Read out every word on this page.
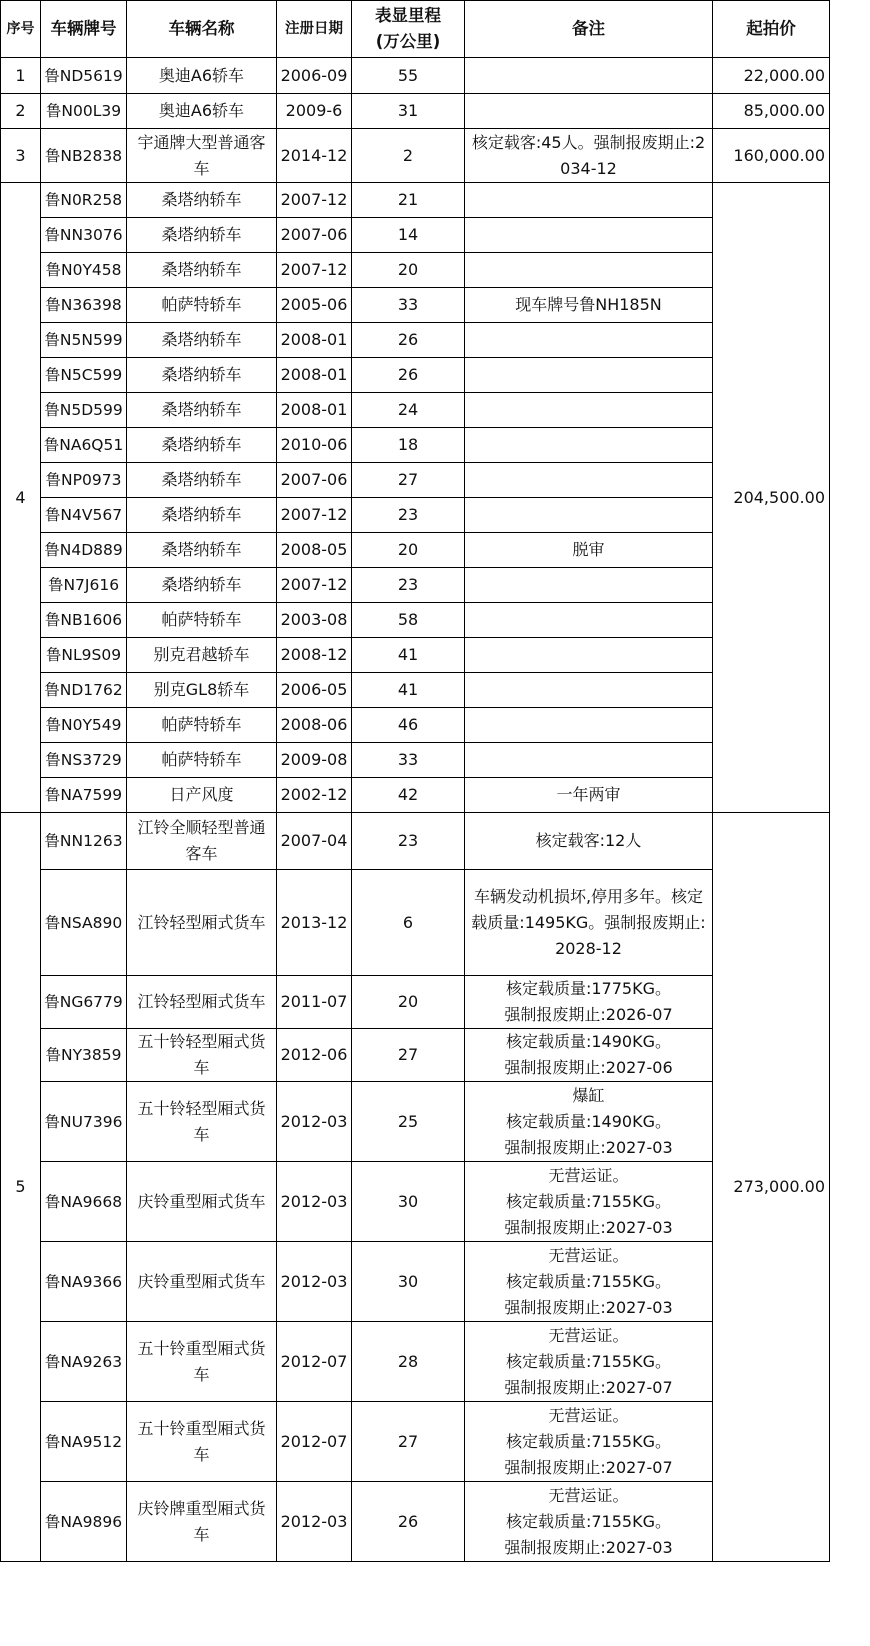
序号	车辆牌号	车辆名称	注册日期	表显里程
(万公里)	备注	起拍价
1	鲁ND5619	奥迪A6轿车	2006-09	55		22,000.00
2	鲁N00L39	奥迪A6轿车	2009-6	31		85,000.00
3	鲁NB2838	宇通牌大型普通客车	2014-12	2	核定载客:45人。强制报废期止:2034-12	160,000.00
4	鲁N0R258	桑塔纳轿车	2007-12	21		204,500.00
	鲁NN3076	桑塔纳轿车	2007-06	14		
	鲁N0Y458	桑塔纳轿车	2007-12	20		
	鲁N36398	帕萨特轿车	2005-06	33	现车牌号鲁NH185N	

	鲁N5N599	桑塔纳轿车	2008-01	26		
	鲁N5C599	桑塔纳轿车	2008-01	26		
	鲁N5D599	桑塔纳轿车	2008-01	24		
	鲁NA6Q51	桑塔纳轿车	2010-06	18		
	鲁NP0973	桑塔纳轿车	2007-06	27		
	鲁N4V567	桑塔纳轿车	2007-12	23		
	鲁N4D889	桑塔纳轿车	2008-05	20	脱审	

	鲁N7J616	桑塔纳轿车	2007-12	23		
	鲁NB1606	帕萨特轿车	2003-08	58		
	鲁NL9S09	别克君越轿车	2008-12	41		
	鲁ND1762	别克GL8轿车	2006-05	41		
	鲁N0Y549	帕萨特轿车	2008-06	46		
	鲁NS3729	帕萨特轿车	2009-08	33		
	鲁NA7599	日产风度	2002-12	42	一年两审	

5	鲁NN1263	江铃全顺轻型普通客车	2007-04	23	核定载客:12人	273,000.00
	鲁NSA890	江铃轻型厢式货车	2013-12	6	车辆发动机损坏,停用多年。核定载质量:1495KG。强制报废期止:2028-12	

	鲁NG6779	江铃轻型厢式货车	2011-07	20	核定载质量:1775KG。
强制报废期止:2026-07	

	鲁NY3859	五十铃轻型厢式货车	2012-06	27	核定载质量:1490KG。
强制报废期止:2027-06	

	鲁NU7396	五十铃轻型厢式货车	2012-03	25	爆缸
核定载质量:1490KG。
强制报废期止:2027-03	

	鲁NA9668	庆铃重型厢式货车	2012-03	30	无营运证。
核定载质量:7155KG。
强制报废期止:2027-03	

	鲁NA9366	庆铃重型厢式货车	2012-03	30	无营运证。
核定载质量:7155KG。
强制报废期止:2027-03	

	鲁NA9263	五十铃重型厢式货车	2012-07	28	无营运证。
核定载质量:7155KG。
强制报废期止:2027-07	

	鲁NA9512	五十铃重型厢式货车	2012-07	27	无营运证。
核定载质量:7155KG。
强制报废期止:2027-07	

	鲁NA9896	庆铃牌重型厢式货车	2012-03	26	无营运证。
核定载质量:7155KG。
强制报废期止:2027-03	
